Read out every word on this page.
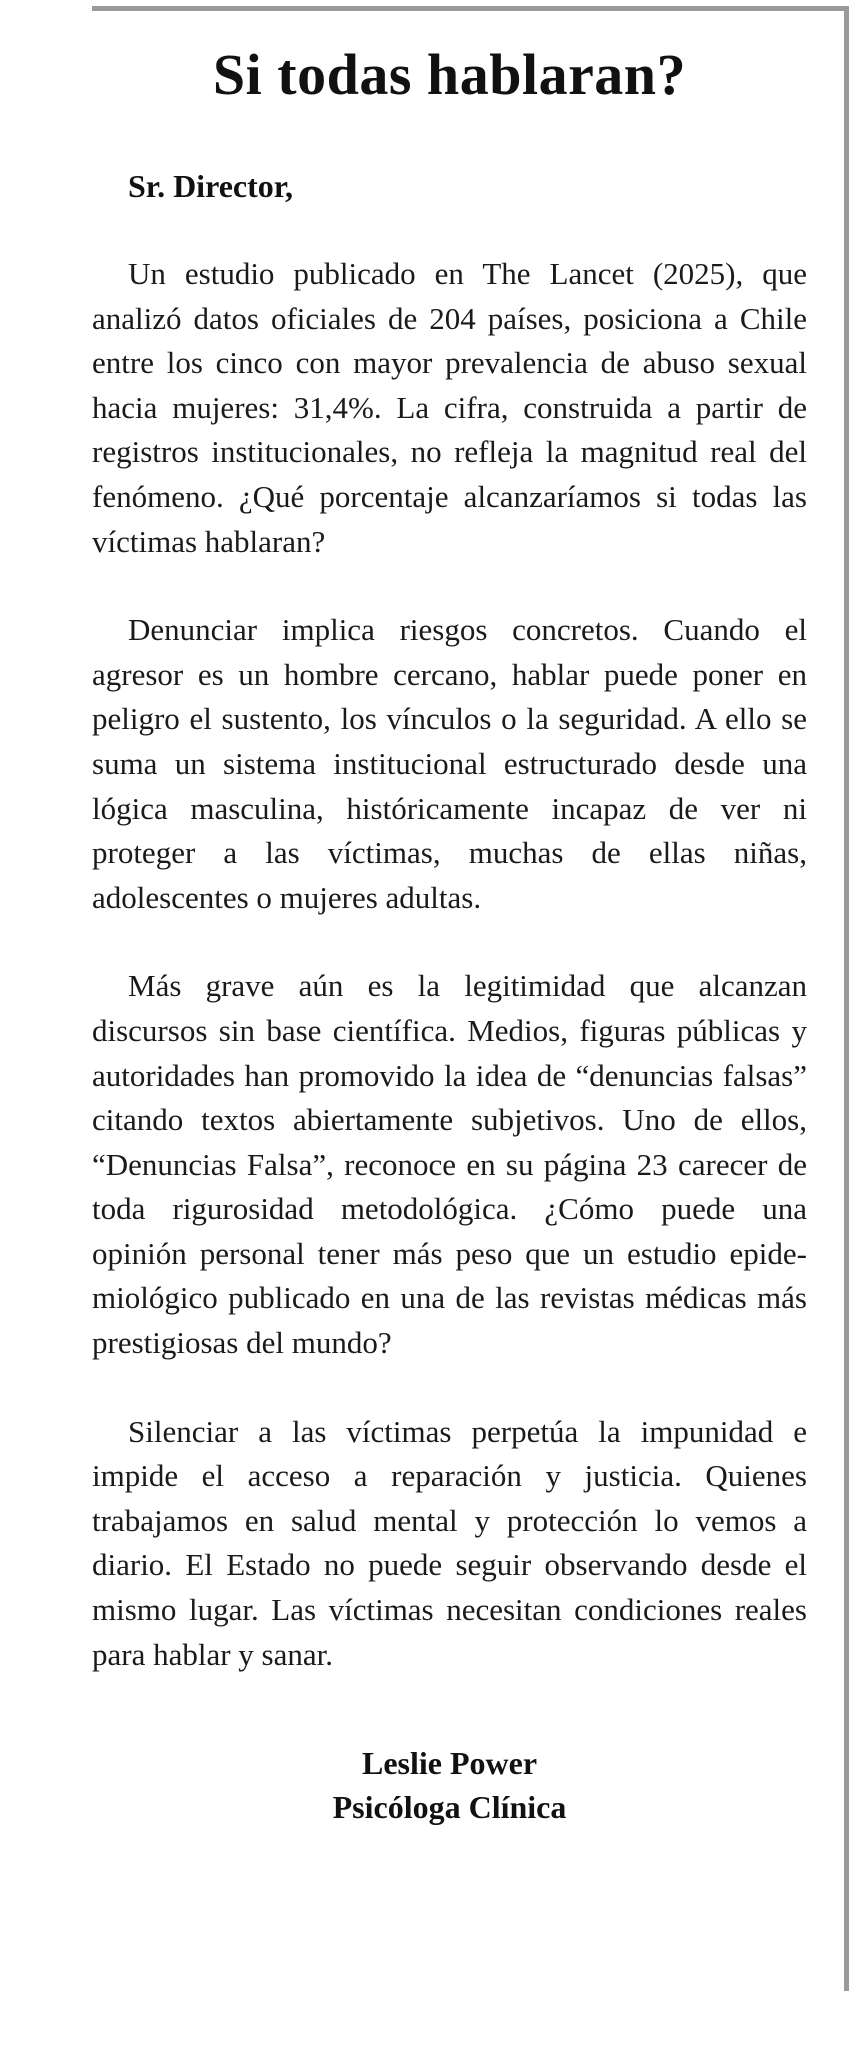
Si todas hablaran?

Sr. Director,

Un estudio publicado en The Lancet (2025), que analizó datos oficiales de 204 países, posiciona a Chile entre los cinco con mayor prevalencia de abuso sexual hacia mujeres: 31,4%. La cifra, construida a partir de registros institucionales, no refleja la magnitud real del fenómeno. ¿Qué porcentaje alcanzaríamos si todas las víctimas hablaran?

Denunciar implica riesgos concretos. Cuando el agresor es un hombre cercano, hablar puede poner en peligro el sustento, los vínculos o la seguridad. A ello se suma un sistema institucional estructurado desde una lógica masculina, históricamente incapaz de ver ni proteger a las víctimas, muchas de ellas niñas, adolescentes o mujeres adultas.

Más grave aún es la legitimidad que alcanzan discursos sin base científica. Medios, figuras públicas y autoridades han promovido la idea de “denuncias falsas” citando textos abiertamente subjetivos. Uno de ellos, “Denuncias Falsa”, reconoce en su página 23 carecer de toda rigurosidad metodológica. ¿Cómo puede una opinión personal tener más peso que un estudio epidemiológico publicado en una de las revistas médicas más prestigiosas del mundo?

Silenciar a las víctimas perpetúa la impunidad e impide el acceso a reparación y justicia. Quienes trabajamos en salud mental y protección lo vemos a diario. El Estado no puede seguir observando desde el mismo lugar. Las víctimas necesitan condiciones reales para hablar y sanar.

Leslie Power
Psicóloga Clínica
